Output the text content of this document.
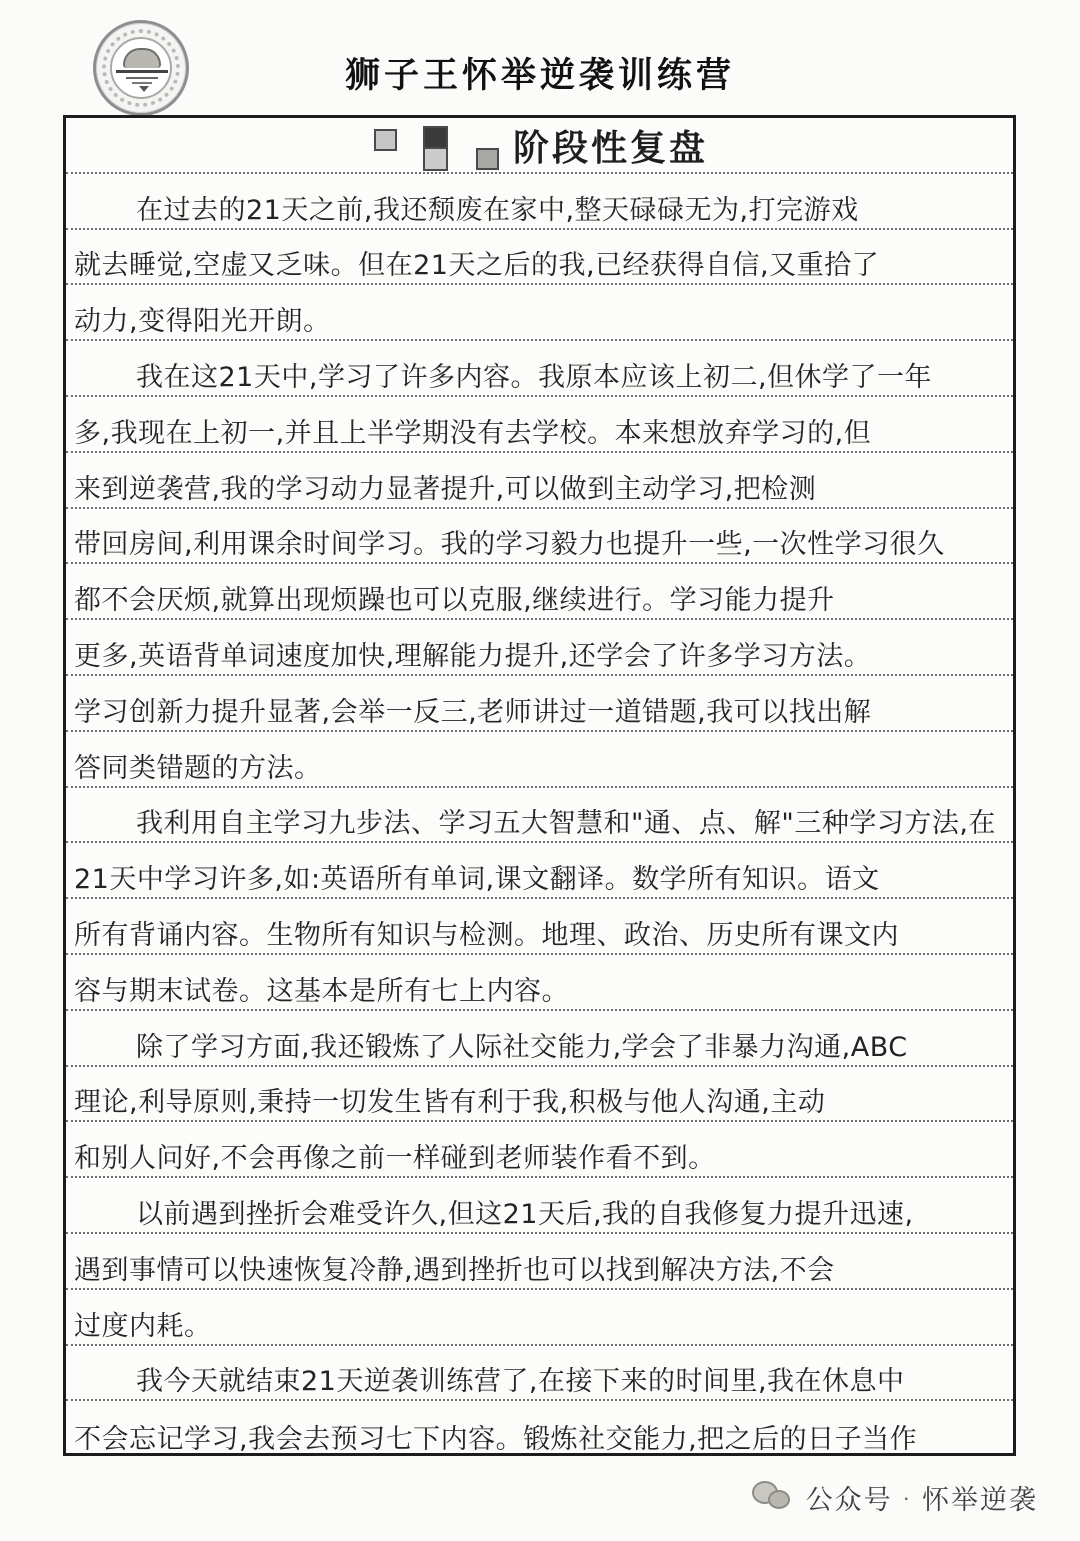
狮子王怀举逆袭训练营
阶段性复盘
在过去的21天之前,我还颓废在家中,整天碌碌无为,打完游戏
就去睡觉,空虚又乏味。但在21天之后的我,已经获得自信,又重拾了
动力,变得阳光开朗。
我在这21天中,学习了许多内容。我原本应该上初二,但休学了一年
多,我现在上初一,并且上半学期没有去学校。本来想放弃学习的,但
来到逆袭营,我的学习动力显著提升,可以做到主动学习,把检测
带回房间,利用课余时间学习。我的学习毅力也提升一些,一次性学习很久
都不会厌烦,就算出现烦躁也可以克服,继续进行。学习能力提升
更多,英语背单词速度加快,理解能力提升,还学会了许多学习方法。
学习创新力提升显著,会举一反三,老师讲过一道错题,我可以找出解
答同类错题的方法。
我利用自主学习九步法、学习五大智慧和"通、点、解"三种学习方法,在
21天中学习许多,如:英语所有单词,课文翻译。数学所有知识。语文
所有背诵内容。生物所有知识与检测。地理、政治、历史所有课文内
容与期末试卷。这基本是所有七上内容。
除了学习方面,我还锻炼了人际社交能力,学会了非暴力沟通,ABC
理论,利导原则,秉持一切发生皆有利于我,积极与他人沟通,主动
和别人问好,不会再像之前一样碰到老师装作看不到。
以前遇到挫折会难受许久,但这21天后,我的自我修复力提升迅速,
遇到事情可以快速恢复冷静,遇到挫折也可以找到解决方法,不会
过度内耗。
我今天就结束21天逆袭训练营了,在接下来的时间里,我在休息中
不会忘记学习,我会去预习七下内容。锻炼社交能力,把之后的日子当作
公众号 · 怀举逆袭
